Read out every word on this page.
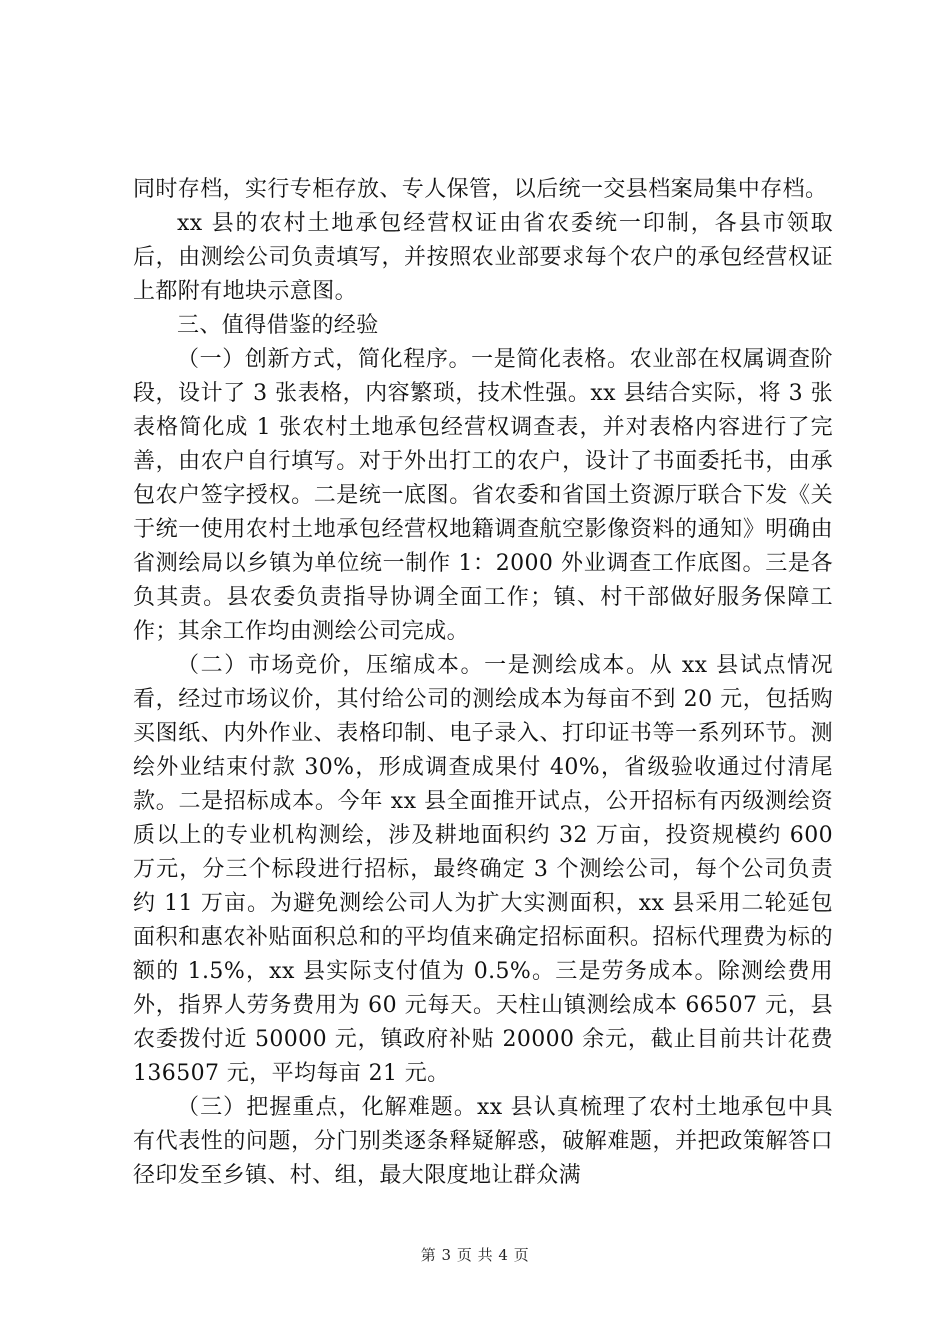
同时存档，实行专柜存放、专人保管，以后统一交县档案局集中存档。

xx 县的农村土地承包经营权证由省农委统一印制，各县市领取后，由测绘公司负责填写，并按照农业部要求每个农户的承包经营权证上都附有地块示意图。

三、值得借鉴的经验

（一）创新方式，简化程序。一是简化表格。农业部在权属调查阶段，设计了 3 张表格，内容繁琐，技术性强。xx 县结合实际，将 3 张表格简化成 1 张农村土地承包经营权调查表，并对表格内容进行了完善，由农户自行填写。对于外出打工的农户，设计了书面委托书，由承包农户签字授权。二是统一底图。省农委和省国土资源厅联合下发《关于统一使用农村土地承包经营权地籍调查航空影像资料的通知》明确由省测绘局以乡镇为单位统一制作 1：2000 外业调查工作底图。三是各负其责。县农委负责指导协调全面工作；镇、村干部做好服务保障工作；其余工作均由测绘公司完成。

（二）市场竞价，压缩成本。一是测绘成本。从 xx 县试点情况看，经过市场议价，其付给公司的测绘成本为每亩不到 20 元，包括购买图纸、内外作业、表格印制、电子录入、打印证书等一系列环节。测绘外业结束付款 30%，形成调查成果付 40%，省级验收通过付清尾款。二是招标成本。今年 xx 县全面推开试点，公开招标有丙级测绘资质以上的专业机构测绘，涉及耕地面积约 32 万亩，投资规模约 600 万元，分三个标段进行招标，最终确定 3 个测绘公司，每个公司负责约 11 万亩。为避免测绘公司人为扩大实测面积，xx 县采用二轮延包面积和惠农补贴面积总和的平均值来确定招标面积。招标代理费为标的额的 1.5%，xx 县实际支付值为 0.5%。三是劳务成本。除测绘费用外，指界人劳务费用为 60 元每天。天柱山镇测绘成本 66507 元，县农委拨付近 50000 元，镇政府补贴 20000 余元，截止目前共计花费 136507 元，平均每亩 21 元。

（三）把握重点，化解难题。xx 县认真梳理了农村土地承包中具有代表性的问题，分门别类逐条释疑解惑，破解难题，并把政策解答口径印发至乡镇、村、组，最大限度地让群众满

第 3 页 共 4 页
